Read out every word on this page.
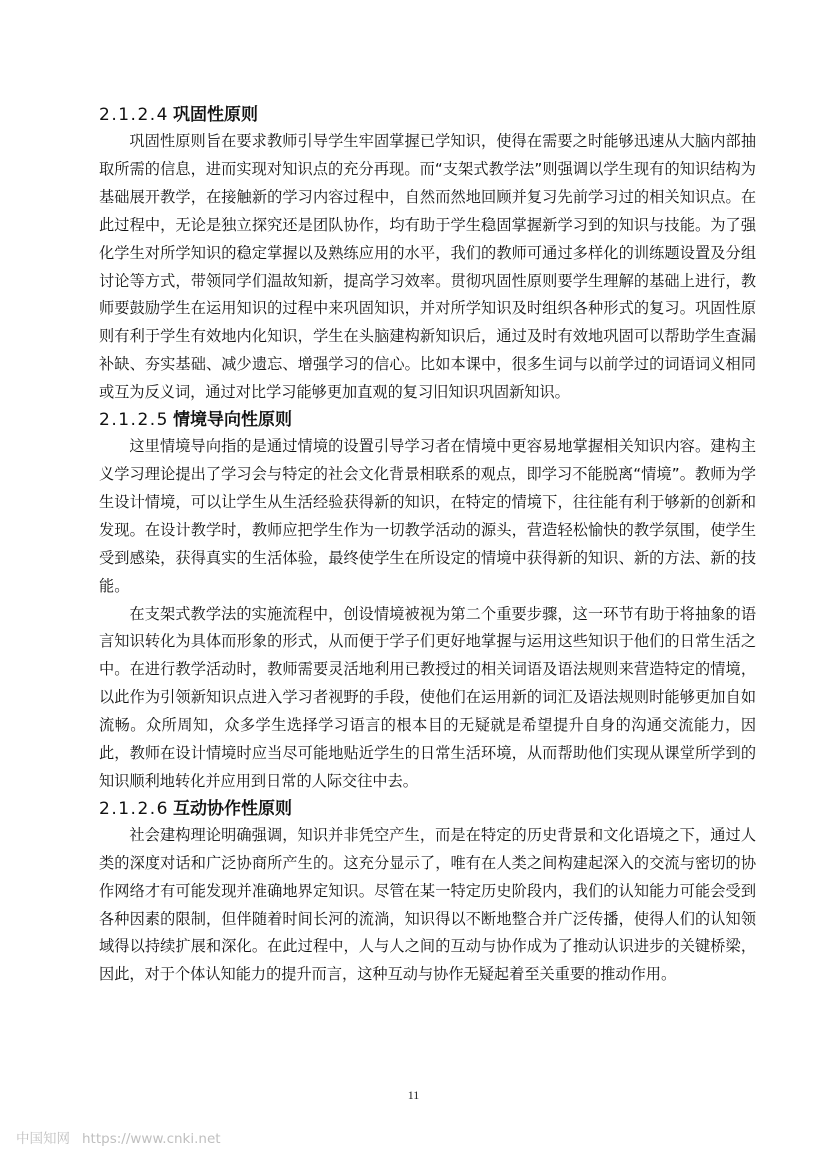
2.1.2.4 巩固性原则

巩固性原则旨在要求教师引导学生牢固掌握已学知识，使得在需要之时能够迅速从大脑内部抽取所需的信息，进而实现对知识点的充分再现。而“支架式教学法”则强调以学生现有的知识结构为基础展开教学，在接触新的学习内容过程中，自然而然地回顾并复习先前学习过的相关知识点。在此过程中，无论是独立探究还是团队协作，均有助于学生稳固掌握新学习到的知识与技能。为了强化学生对所学知识的稳定掌握以及熟练应用的水平，我们的教师可通过多样化的训练题设置及分组讨论等方式，带领同学们温故知新，提高学习效率。贯彻巩固性原则要学生理解的基础上进行，教师要鼓励学生在运用知识的过程中来巩固知识，并对所学知识及时组织各种形式的复习。巩固性原则有利于学生有效地内化知识，学生在头脑建构新知识后，通过及时有效地巩固可以帮助学生查漏补缺、夯实基础、减少遗忘、增强学习的信心。比如本课中，很多生词与以前学过的词语词义相同或互为反义词，通过对比学习能够更加直观的复习旧知识巩固新知识。

2.1.2.5 情境导向性原则

这里情境导向指的是通过情境的设置引导学习者在情境中更容易地掌握相关知识内容。建构主义学习理论提出了学习会与特定的社会文化背景相联系的观点，即学习不能脱离“情境”。教师为学生设计情境，可以让学生从生活经验获得新的知识，在特定的情境下，往往能有利于够新的创新和发现。在设计教学时，教师应把学生作为一切教学活动的源头，营造轻松愉快的教学氛围，使学生受到感染，获得真实的生活体验，最终使学生在所设定的情境中获得新的知识、新的方法、新的技能。

在支架式教学法的实施流程中，创设情境被视为第二个重要步骤，这一环节有助于将抽象的语言知识转化为具体而形象的形式，从而便于学子们更好地掌握与运用这些知识于他们的日常生活之中。在进行教学活动时，教师需要灵活地利用已教授过的相关词语及语法规则来营造特定的情境，以此作为引领新知识点进入学习者视野的手段，使他们在运用新的词汇及语法规则时能够更加自如流畅。众所周知，众多学生选择学习语言的根本目的无疑就是希望提升自身的沟通交流能力，因此，教师在设计情境时应当尽可能地贴近学生的日常生活环境，从而帮助他们实现从课堂所学到的知识顺利地转化并应用到日常的人际交往中去。

2.1.2.6 互动协作性原则

社会建构理论明确强调，知识并非凭空产生，而是在特定的历史背景和文化语境之下，通过人类的深度对话和广泛协商所产生的。这充分显示了，唯有在人类之间构建起深入的交流与密切的协作网络才有可能发现并准确地界定知识。尽管在某一特定历史阶段内，我们的认知能力可能会受到各种因素的限制，但伴随着时间长河的流淌，知识得以不断地整合并广泛传播，使得人们的认知领域得以持续扩展和深化。在此过程中，人与人之间的互动与协作成为了推动认识进步的关键桥梁，因此，对于个体认知能力的提升而言，这种互动与协作无疑起着至关重要的推动作用。

11
中国知网 https://www.cnki.net
